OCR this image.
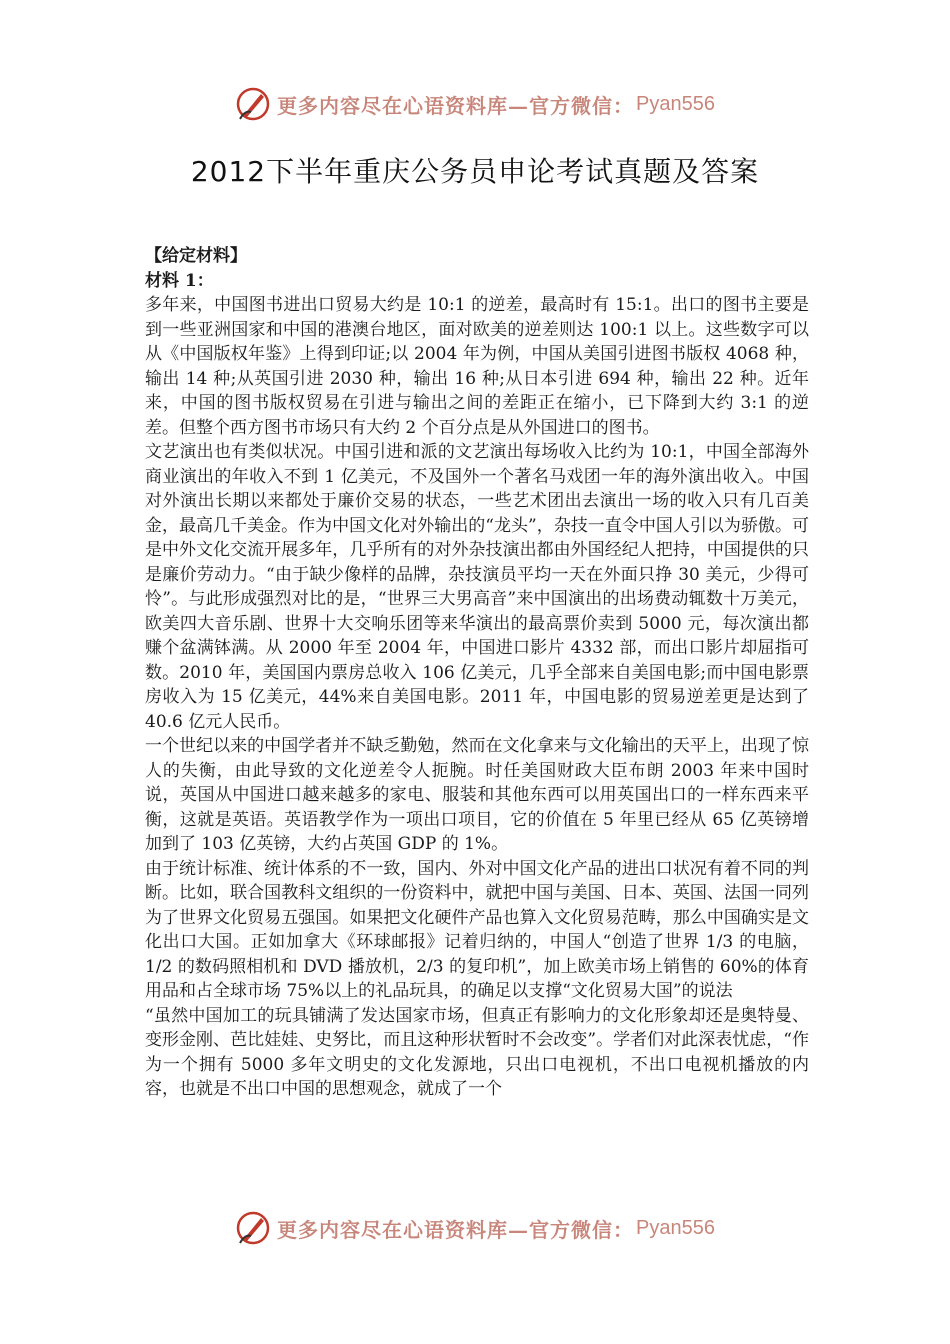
更多内容尽在心语资料库—官方微信： Pyan556
2012下半年重庆公务员申论考试真题及答案

【给定材料】

材料 1：

多年来，中国图书进出口贸易大约是 10:1 的逆差，最高时有 15:1。出口的图书主要是到一些亚洲国家和中国的港澳台地区，面对欧美的逆差则达 100:1 以上。这些数字可以从《中国版权年鉴》上得到印证;以 2004 年为例，中国从美国引进图书版权 4068 种，输出 14 种;从英国引进 2030 种，输出 16 种;从日本引进 694 种，输出 22 种。近年来，中国的图书版权贸易在引进与输出之间的差距正在缩小，已下降到大约 3:1 的逆差。但整个西方图书市场只有大约 2 个百分点是从外国进口的图书。

文艺演出也有类似状况。中国引进和派的文艺演出每场收入比约为 10:1，中国全部海外商业演出的年收入不到 1 亿美元，不及国外一个著名马戏团一年的海外演出收入。中国对外演出长期以来都处于廉价交易的状态，一些艺术团出去演出一场的收入只有几百美金，最高几千美金。作为中国文化对外输出的“龙头”，杂技一直令中国人引以为骄傲。可是中外文化交流开展多年，几乎所有的对外杂技演出都由外国经纪人把持，中国提供的只是廉价劳动力。“由于缺少像样的品牌，杂技演员平均一天在外面只挣 30 美元，少得可怜”。与此形成强烈对比的是，“世界三大男高音”来中国演出的出场费动辄数十万美元，欧美四大音乐剧、世界十大交响乐团等来华演出的最高票价卖到 5000 元，每次演出都赚个盆满钵满。从 2000 年至 2004 年，中国进口影片 4332 部，而出口影片却屈指可数。2010 年，美国国内票房总收入 106 亿美元，几乎全部来自美国电影;而中国电影票房收入为 15 亿美元，44%来自美国电影。2011 年，中国电影的贸易逆差更是达到了 40.6 亿元人民币。

一个世纪以来的中国学者并不缺乏勤勉，然而在文化拿来与文化输出的天平上，出现了惊人的失衡，由此导致的文化逆差令人扼腕。时任美国财政大臣布朗 2003 年来中国时说，英国从中国进口越来越多的家电、服装和其他东西可以用英国出口的一样东西来平衡，这就是英语。英语教学作为一项出口项目，它的价值在 5 年里已经从 65 亿英镑增加到了 103 亿英镑，大约占英国 GDP 的 1%。

由于统计标准、统计体系的不一致，国内、外对中国文化产品的进出口状况有着不同的判断。比如，联合国教科文组织的一份资料中，就把中国与美国、日本、英国、法国一同列为了世界文化贸易五强国。如果把文化硬件产品也算入文化贸易范畴，那么中国确实是文化出口大国。正如加拿大《环球邮报》记着归纳的，中国人“创造了世界 1/3 的电脑，1/2 的数码照相机和 DVD 播放机，2/3 的复印机”，加上欧美市场上销售的 60%的体育用品和占全球市场 75%以上的礼品玩具，的确足以支撑“文化贸易大国”的说法

“虽然中国加工的玩具铺满了发达国家市场，但真正有影响力的文化形象却还是奥特曼、变形金刚、芭比娃娃、史努比，而且这种形状暂时不会改变”。学者们对此深表忧虑，“作为一个拥有 5000 多年文明史的文化发源地，只出口电视机，不出口电视机播放的内容，也就是不出口中国的思想观念，就成了一个

更多内容尽在心语资料库—官方微信： Pyan556
